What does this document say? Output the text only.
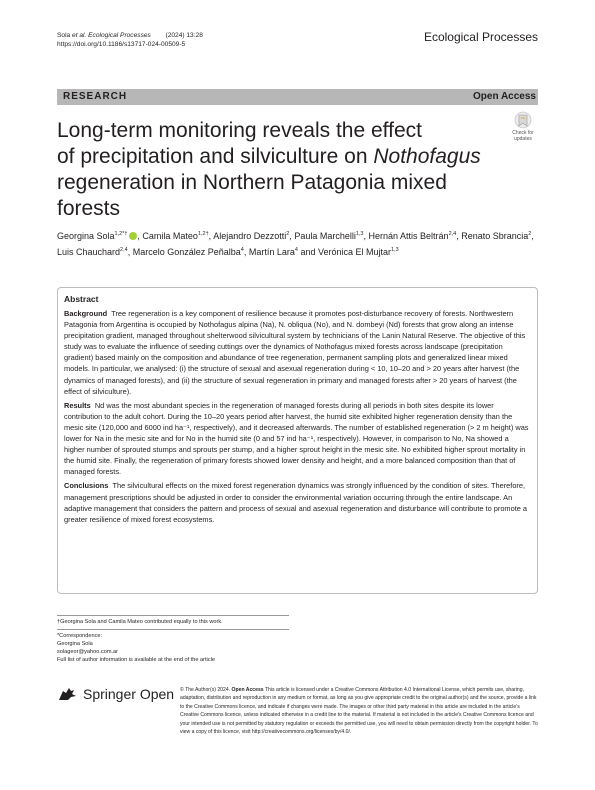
Sola et al. Ecological Processes (2024) 13:28
https://doi.org/10.1186/s13717-024-00509-5
Ecological Processes
RESEARCH	Open Access
Check for
updates
Long-term monitoring reveals the effect
of precipitation and silviculture on Nothofagus
regeneration in Northern Patagonia mixed
forests
Georgina Sola$^{1,2*\dagger}$ , Camila Mateo$^{1,2\dagger}$, Alejandro Dezzotti$^2$, Paula Marchelli$^{1,3}$, Hernán Attis Beltrán$^{2,4}$, Renato Sbrancia$^2$, Luis Chauchard$^{2,4}$, Marcelo González Peñalba$^4$, Martín Lara$^4$ and Verónica El Mujtar$^{1,3}$
Abstract

Background Tree regeneration is a key component of resilience because it promotes post-disturbance recovery of forests. Northwestern Patagonia from Argentina is occupied by Nothofagus alpina (Na), N. obliqua (No), and N. dombeyi (Nd) forests that grow along an intense precipitation gradient, managed throughout shelterwood silvicultural system by technicians of the Lanin Natural Reserve. The objective of this study was to evaluate the influence of seeding cuttings over the dynamics of Nothofagus mixed forests across landscape (precipitation gradient) based mainly on the composition and abundance of tree regeneration, permanent sampling plots and generalized linear mixed models. In particular, we analysed: (i) the structure of sexual and asexual regeneration during < 10, 10–20 and > 20 years after harvest (the dynamics of managed forests), and (ii) the structure of sexual regeneration in primary and managed forests after > 20 years of harvest (the effect of silviculture).

Results Nd was the most abundant species in the regeneration of managed forests during all periods in both sites despite its lower contribution to the adult cohort. During the 10–20 years period after harvest, the humid site exhibited higher regeneration density than the mesic site (120,000 and 6000 ind ha⁻¹, respectively), and it decreased afterwards. The number of established regeneration (> 2 m height) was lower for Na in the mesic site and for No in the humid site (0 and 57 ind ha⁻¹, respectively). However, in comparison to No, Na showed a higher number of sprouted stumps and sprouts per stump, and a higher sprout height in the mesic site. No exhibited higher sprout mortality in the humid site. Finally, the regeneration of primary forests showed lower density and height, and a more balanced composition than that of managed forests.

Conclusions The silvicultural effects on the mixed forest regeneration dynamics was strongly influenced by the condition of sites. Therefore, management prescriptions should be adjusted in order to consider the environmental variation occurring through the entire landscape. An adaptive management that considers the pattern and process of sexual and asexual regeneration and disturbance will contribute to promote a greater resilience of mixed forest ecosystems.

†Georgina Sola and Camila Mateo contributed equally to this work.
*Correspondence:
Georgina Sola
solageor@yahoo.com.ar
Full list of author information is available at the end of the article
Springer Open © The Author(s) 2024. Open Access This article is licensed under a Creative Commons Attribution 4.0 International License, which permits use, sharing, adaptation, distribution and reproduction in any medium or format, as long as you give appropriate credit to the original author(s) and the source, provide a link to the Creative Commons licence, and indicate if changes were made. The images or other third party material in this article are included in the article's Creative Commons licence, unless indicated otherwise in a credit line to the material. If material is not included in the article's Creative Commons licence and your intended use is not permitted by statutory regulation or exceeds the permitted use, you will need to obtain permission directly from the copyright holder. To view a copy of this licence, visit http://creativecommons.org/licenses/by/4.0/.
